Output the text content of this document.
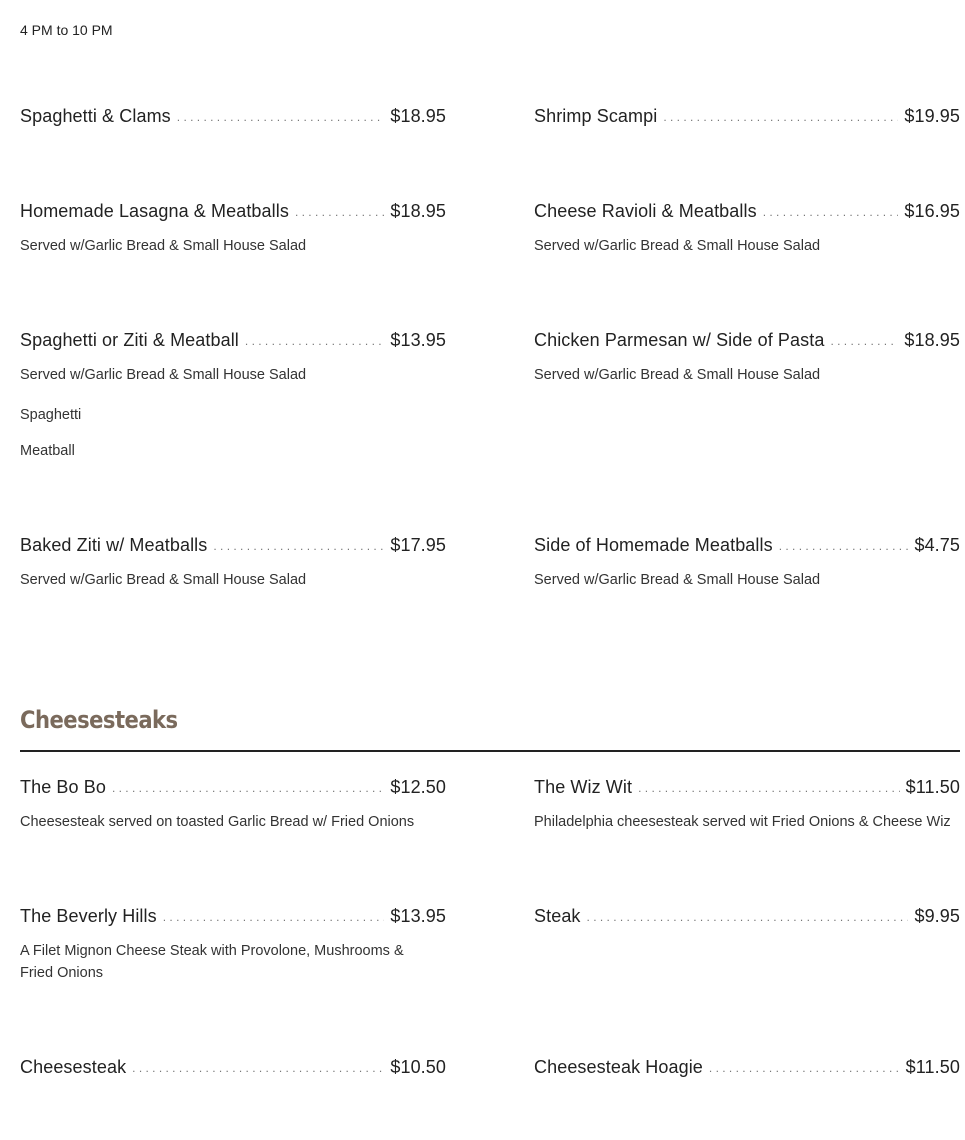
4 PM to 10 PM
Spaghetti & Clams . . .	$18.95	Shrimp Scampi . . .	$19.95
Homemade Lasagna & Meatballs . . .	$18.95
Served w/Garlic Bread & Small House Salad
Cheese Ravioli & Meatballs . . .	$16.95
Served w/Garlic Bread & Small House Salad
Spaghetti or Ziti & Meatball . . .	$13.95
Served w/Garlic Bread & Small House Salad
Spaghetti
Meatball
Chicken Parmesan w/ Side of Pasta . . .	$18.95
Served w/Garlic Bread & Small House Salad
Baked Ziti w/ Meatballs . . .	$17.95
Served w/Garlic Bread & Small House Salad
Side of Homemade Meatballs . . .	$4.75
Served w/Garlic Bread & Small House Salad
Cheesesteaks
The Bo Bo . . .	$12.50
Cheesesteak served on toasted Garlic Bread w/ Fried Onions
The Wiz Wit . . .	$11.50
Philadelphia cheesesteak served wit Fried Onions & Cheese Wiz
The Beverly Hills . . .	$13.95
A Filet Mignon Cheese Steak with Provolone, Mushrooms & Fried Onions
Steak . . .	$9.95
Cheesesteak . . .	$10.50	Cheesesteak Hoagie . . .	$11.50
